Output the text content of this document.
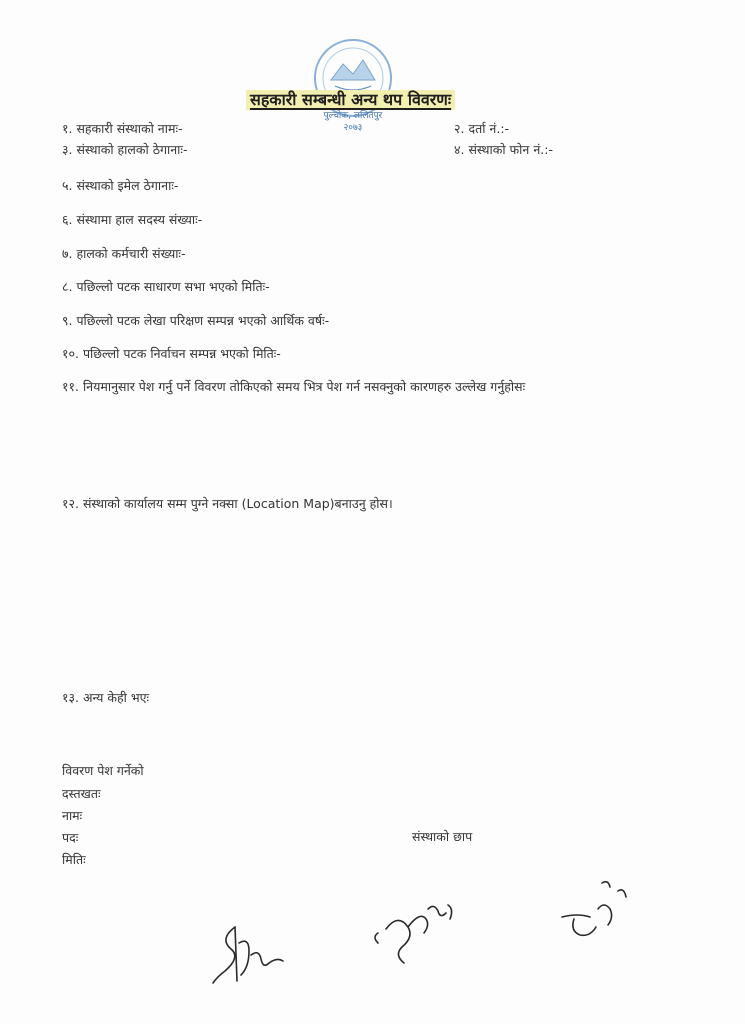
पुल्चोक, ललितपुर
२०७३
सहकारी सम्बन्धी अन्य थप विवरणः
१. सहकारी संस्थाको नामः-	२. दर्ता नं.:-
३. संस्थाको हालको ठेगानाः-	४. संस्थाको फोन नं.:-
५. संस्थाको इमेल ठेगानाः-
६. संस्थामा हाल सदस्य संख्याः-
७. हालको कर्मचारी संख्याः-
८. पछिल्लो पटक साधारण सभा भएको मितिः-
९. पछिल्लो पटक लेखा परिक्षण सम्पन्न भएको आर्थिक वर्षः-
१०. पछिल्लो पटक निर्वाचन सम्पन्न भएको मितिः-
११. नियमानुसार पेश गर्नु पर्ने विवरण तोकिएको समय भित्र पेश गर्न नसक्नुको कारणहरु उल्लेख गर्नुहोसः
१२. संस्थाको कार्यालय सम्म पुग्ने नक्सा (Location Map)बनाउनु होस।
१३. अन्य केही भएः
विवरण पेश गर्नेको
दस्तखतः
नामः
पदः	संस्थाको छाप
मितिः
